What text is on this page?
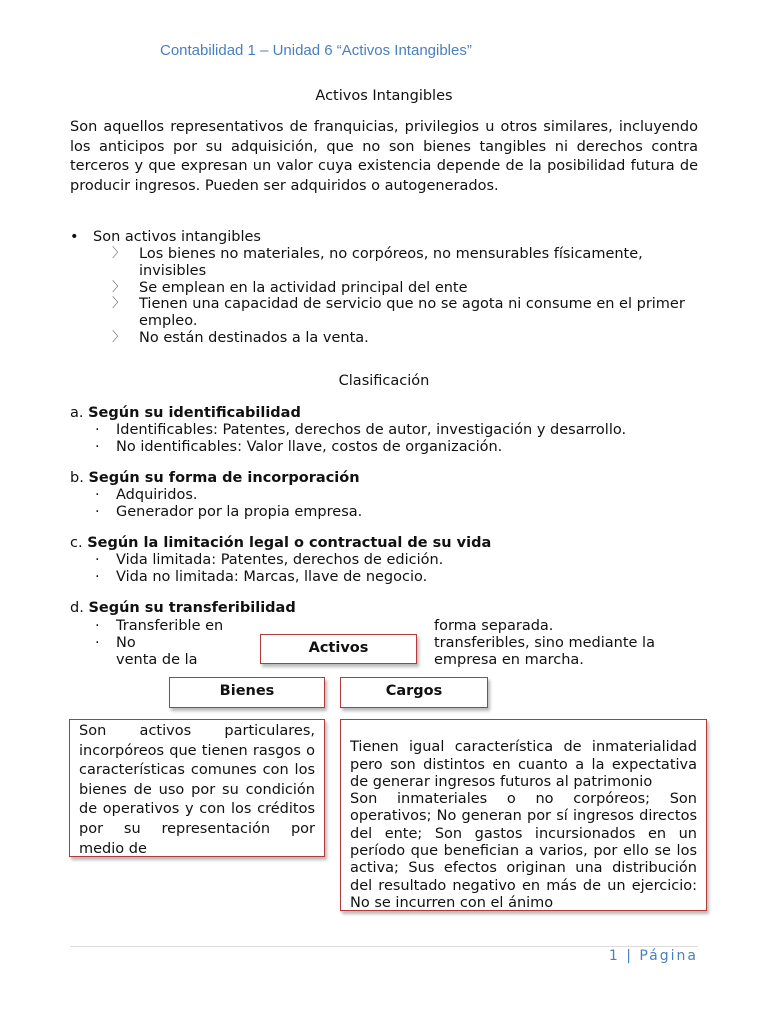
Contabilidad 1 – Unidad 6 “Activos Intangibles”
Activos Intangibles
Son aquellos representativos de franquicias, privilegios u otros similares, incluyendo los anticipos por su adquisición, que no son bienes tangibles ni derechos contra terceros y que expresan un valor cuya existencia depende de la posibilidad futura de producir ingresos. Pueden ser adquiridos o autogenerados.
• Son activos intangibles
〉 Los bienes no materiales, no corpóreos, no mensurables físicamente, invisibles
〉 Se emplean en la actividad principal del ente
〉 Tienen una capacidad de servicio que no se agota ni consume en el primer empleo.
〉 No están destinados a la venta.
Clasificación
a. Según su identificabilidad
· Identificables: Patentes, derechos de autor, investigación y desarrollo.
· No identificables: Valor llave, costos de organización.
b. Según su forma de incorporación
· Adquiridos.
· Generador por la propia empresa.
c. Según la limitación legal o contractual de su vida
· Vida limitada: Patentes, derechos de edición.
· Vida no limitada: Marcas, llave de negocio.
d. Según su transferibilidad
· Transferible en	forma separada.
· No	transferibles, sino mediante la
venta de la	empresa en marcha.
Activos
Bienes	Cargos
Son activos particulares, incorpóreos que tienen rasgos o características comunes con los bienes de uso por su condición de operativos y con los créditos por su representación por medio de

Tienen igual característica de inmaterialidad pero son distintos en cuanto a la expectativa de generar ingresos futuros al patrimonio
Son inmateriales o no corpóreos; Son operativos; No generan por sí ingresos directos del ente; Son gastos incursionados en un período que benefician a varios, por ello se los activa; Sus efectos originan una distribución del resultado negativo en más de un ejercicio: No se incurren con el ánimo

1 | Página
